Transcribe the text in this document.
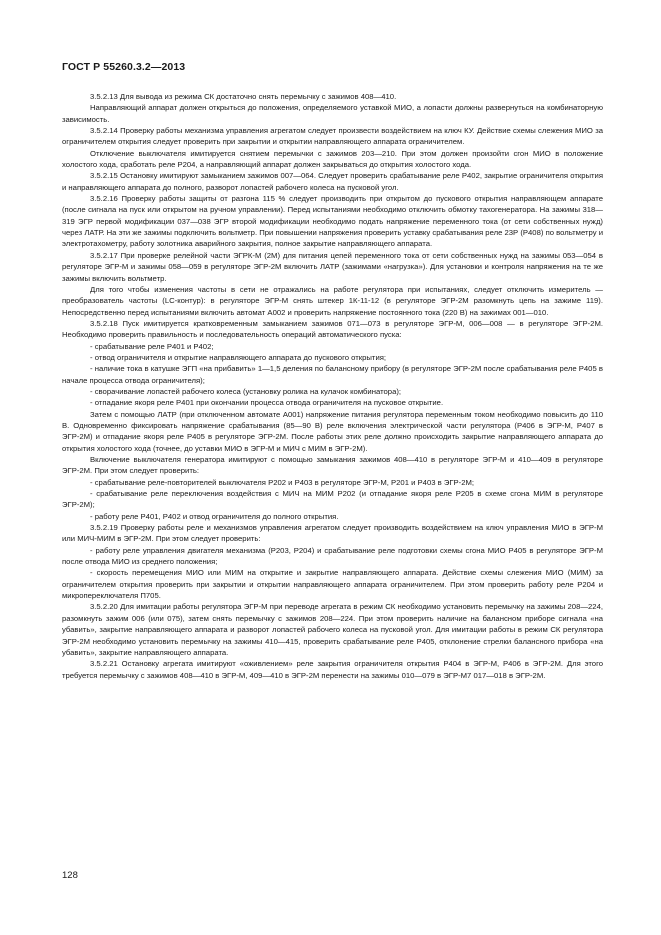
ГОСТ Р 55260.3.2—2013

3.5.2.13 Для вывода из режима СК достаточно снять перемычку с зажимов 408—410.

Направляющий аппарат должен открыться до положения, определяемого уставкой МИО, а лопасти должны развернуться на комбинаторную зависимость.

3.5.2.14 Проверку работы механизма управления агрегатом следует произвести воздействием на ключ КУ. Действие схемы слежения МИО за ограничителем открытия следует проверить при закрытии и открытии направляющего аппарата ограничителем.

Отключение выключателя имитируется снятием перемычки с зажимов 203—210. При этом должен произойти сгон МИО в положение холостого хода, сработать реле Р204, а направляющий аппарат должен закрываться до открытия холостого хода.

3.5.2.15 Остановку имитируют замыканием зажимов 007—064. Следует проверить срабатывание реле Р402, закрытие ограничителя открытия и направляющего аппарата до полного, разворот лопастей рабочего колеса на пусковой угол.

3.5.2.16 Проверку работы защиты от разгона 115 % следует производить при открытом до пускового открытия направляющем аппарате (после сигнала на пуск или открытом на ручном управлении). Перед испытаниями необходимо отключить обмотку тахогенератора. На зажимы 318—319 ЭГР первой модификации 037—038 ЭГР второй модификации необходимо подать напряжение переменного тока (от сети собственных нужд) через ЛАТР. На эти же зажимы подключить вольтметр. При повышении напряжения проверить уставку срабатывания реле 23Р (Р408) по вольтметру и электротахометру, работу золотника аварийного закрытия, полное закрытие направляющего аппарата.

3.5.2.17 При проверке релейной части ЭГРК-М (2М) для питания цепей переменного тока от сети собственных нужд на зажимы 053—054 в регуляторе ЭГР-М и зажимы 058—059 в регуляторе ЭГР-2М включить ЛАТР (зажимами «нагрузка»). Для установки и контроля напряжения на те же зажимы включить вольтметр.

Для того чтобы изменения частоты в сети не отражались на работе регулятора при испытаниях, следует отключить измеритель — преобразователь частоты (LC-контур): в регуляторе ЭГР-М снять штекер 1К-11-12 (в регуляторе ЭГР-2М разомкнуть цепь на зажиме 119). Непосредственно перед испытаниями включить автомат А002 и проверить напряжение постоянного тока (220 В) на зажимах 001—010.

3.5.2.18 Пуск имитируется кратковременным замыканием зажимов 071—073 в регуляторе ЭГР-М, 006—008 — в регуляторе ЭГР-2М. Необходимо проверить правильность и последовательность операций автоматического пуска:

- срабатывание реле Р401 и Р402;

- отвод ограничителя и открытие направляющего аппарата до пускового открытия;

- наличие тока в катушке ЭГП «на прибавить» 1—1,5 деления по балансному прибору (в регуляторе ЭГР-2М после срабатывания реле Р405 в начале процесса отвода ограничителя);

- сворачивание лопастей рабочего колеса (установку ролика на кулачок комбинатора);

- отпадание якоря реле Р401 при окончании процесса отвода ограничителя на пусковое открытие.

Затем с помощью ЛАТР (при отключенном автомате А001) напряжение питания регулятора переменным током необходимо повысить до 110 В. Одновременно фиксировать напряжение срабатывания (85—90 В) реле включения электрической части регулятора (Р406 в ЭГР-М, Р407 в ЭГР-2М) и отпадание якоря реле Р405 в регуляторе ЭГР-2М. После работы этих реле должно происходить закрытие направляющего аппарата до открытия холостого хода (точнее, до уставки МИО в ЭГР-М и МИЧ с МИМ в ЭГР-2М).

Включение выключателя генератора имитируют с помощью замыкания зажимов 408—410 в регуляторе ЭГР-М и 410—409 в регуляторе ЭГР-2М. При этом следует проверить:

- срабатывание реле-повторителей выключателя Р202 и Р403 в регуляторе ЭГР-М, Р201 и Р403 в ЭГР-2М;

- срабатывание реле переключения воздействия с МИЧ на МИМ Р202 (и отпадание якоря реле Р205 в схеме сгона МИМ в регуляторе ЭГР-2М);

- работу реле Р401, Р402 и отвод ограничителя до полного открытия.

3.5.2.19 Проверку работы реле и механизмов управления агрегатом следует производить воздействием на ключ управления МИО в ЭГР-М или МИЧ-МИМ в ЭГР-2М. При этом следует проверить:

- работу реле управления двигателя механизма (Р203, Р204) и срабатывание реле подготовки схемы сгона МИО Р405 в регуляторе ЭГР-М после отвода МИО из среднего положения;

- скорость перемещения МИО или МИМ на открытие и закрытие направляющего аппарата. Действие схемы слежения МИО (МИМ) за ограничителем открытия проверить при закрытии и открытии направляющего аппарата ограничителем. При этом проверить работу реле Р204 и микропереключателя П705.

3.5.2.20 Для имитации работы регулятора ЭГР-М при переводе агрегата в режим СК необходимо установить перемычку на зажимы 208—224, разомкнуть зажим 006 (или 075), затем снять перемычку с зажимов 208—224. При этом проверить наличие на балансном приборе сигнала «на убавить», закрытие направляющего аппарата и разворот лопастей рабочего колеса на пусковой угол. Для имитации работы в режим СК регулятора ЭГР-2М необходимо установить перемычку на зажимы 410—415, проверить срабатывание реле Р405, отклонение стрелки балансного прибора «на убавить», закрытие направляющего аппарата.

3.5.2.21 Остановку агрегата имитируют «оживлением» реле закрытия ограничителя открытия Р404 в ЭГР-М, Р406 в ЭГР-2М. Для этого требуется перемычку с зажимов 408—410 в ЭГР-М, 409—410 в ЭГР-2М перенести на зажимы 010—079 в ЭГР-М7 017—018 в ЭГР-2М.

128
